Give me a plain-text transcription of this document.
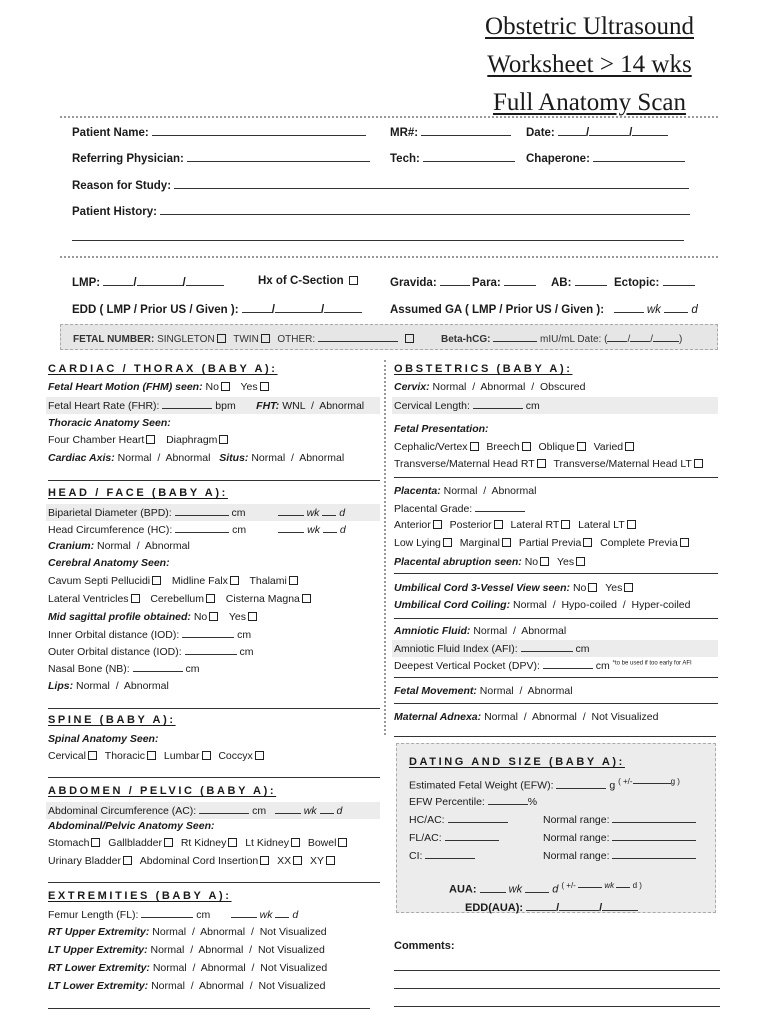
Obstetric Ultrasound
Worksheet > 14 wks
Full Anatomy Scan
Patient Name:	MR#:	Date:	/	/
Referring Physician:	Tech:	Chaperone:
Reason for Study:
Patient History:
LMP:	/	/	Hx of C-Section	Gravida:	Para:	AB:	Ectopic:
EDD ( LMP / Prior US / Given ):	/	/	Assumed GA ( LMP / Prior US / Given ):	wk	d
FETAL NUMBER: SINGLETON TWIN OTHER:	Beta-hCG:	mIU/mL Date: ( / /	)
CARDIAC / THORAX (BABY A):
Fetal Heart Motion (FHM) seen: No Yes
Fetal Heart Rate (FHR):	bpm FHT: WNL / Abnormal
Thoracic Anatomy Seen:
Four Chamber Heart Diaphragm
Cardiac Axis: Normal / Abnormal Situs: Normal / Abnormal
HEAD / FACE (BABY A):
Biparietal Diameter (BPD):	cm	wk d
Head Circumference (HC):	cm	wk d
Cranium: Normal / Abnormal
Cerebral Anatomy Seen:
Cavum Septi Pellucidi Midline Falx Thalami
Lateral Ventricles Cerebellum Cisterna Magna
Mid sagittal profile obtained: No Yes
Inner Orbital distance (IOD):	cm
Outer Orbital distance (IOD):	cm
Nasal Bone (NB):	cm
Lips: Normal / Abnormal
SPINE (BABY A):
Spinal Anatomy Seen:
Cervical Thoracic Lumbar Coccyx
ABDOMEN / PELVIC (BABY A):
Abdominal Circumference (AC):	cm	wk d
Abdominal/Pelvic Anatomy Seen:
Stomach Gallbladder Rt Kidney Lt Kidney Bowel
Urinary Bladder Abdominal Cord Insertion XX XY
EXTREMITIES (BABY A):
Femur Length (FL):	cm	wk d
RT Upper Extremity: Normal / Abnormal / Not Visualized
LT Upper Extremity: Normal / Abnormal / Not Visualized
RT Lower Extremity: Normal / Abnormal / Not Visualized
LT Lower Extremity: Normal / Abnormal / Not Visualized
OBSTETRICS (BABY A):
Cervix: Normal / Abnormal / Obscured
Cervical Length:	cm
Fetal Presentation:
Cephalic/Vertex Breech Oblique Varied
Transverse/Maternal Head RT Transverse/Maternal Head LT
Placenta: Normal / Abnormal
Placental Grade:
Anterior Posterior Lateral RT Lateral LT
Low Lying Marginal Partial Previa Complete Previa
Placental abruption seen: No Yes
Umbilical Cord 3-Vessel View seen: No Yes
Umbilical Cord Coiling: Normal / Hypo-coiled / Hyper-coiled
Amniotic Fluid: Normal / Abnormal
Amniotic Fluid Index (AFI):	cm
Deepest Vertical Pocket (DPV):	cm $^{*to be used if too early for AFI}$
Fetal Movement: Normal / Abnormal
Maternal Adnexa: Normal / Abnormal / Not Visualized
DATING AND SIZE (BABY A):
Estimated Fetal Weight (EFW):	g $^{( +/- g )}$
EFW Percentile:	%
HC/AC:	Normal range:
FL/AC:	Normal range:
CI:	Normal range:
AUA:	wk	d $^{( +/- wk d )}$
EDD(AUA):	/	/
Comments:
